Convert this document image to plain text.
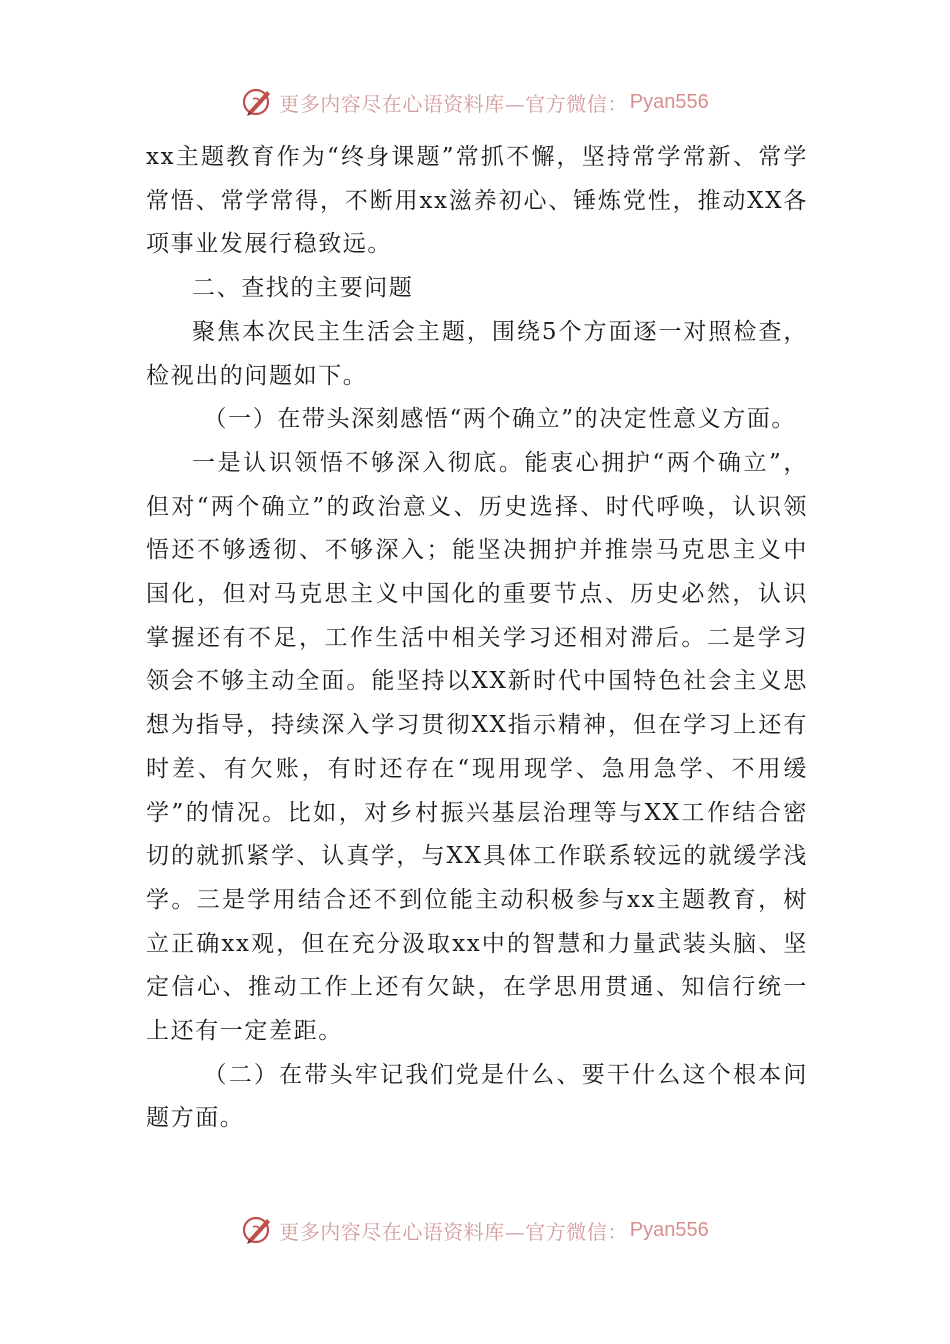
更多内容尽在心语资料库—官方微信： Pyan556

xx主题教育作为“终身课题”常抓不懈，坚持常学常新、常学常悟、常学常得，不断用xx滋养初心、锤炼党性，推动XX各项事业发展行稳致远。

二、查找的主要问题

聚焦本次民主生活会主题，围绕5个方面逐一对照检查，检视出的问题如下。

（一）在带头深刻感悟“两个确立”的决定性意义方面。

一是认识领悟不够深入彻底。能衷心拥护“两个确立”，但对“两个确立”的政治意义、历史选择、时代呼唤，认识领悟还不够透彻、不够深入；能坚决拥护并推崇马克思主义中国化，但对马克思主义中国化的重要节点、历史必然，认识掌握还有不足，工作生活中相关学习还相对滞后。二是学习领会不够主动全面。能坚持以XX新时代中国特色社会主义思想为指导，持续深入学习贯彻XX指示精神，但在学习上还有时差、有欠账，有时还存在“现用现学、急用急学、不用缓学”的情况。比如，对乡村振兴基层治理等与XX工作结合密切的就抓紧学、认真学，与XX具体工作联系较远的就缓学浅学。三是学用结合还不到位能主动积极参与xx主题教育，树立正确xx观，但在充分汲取xx中的智慧和力量武装头脑、坚定信心、推动工作上还有欠缺，在学思用贯通、知信行统一上还有一定差距。

（二）在带头牢记我们党是什么、要干什么这个根本问题方面。

更多内容尽在心语资料库—官方微信： Pyan556
